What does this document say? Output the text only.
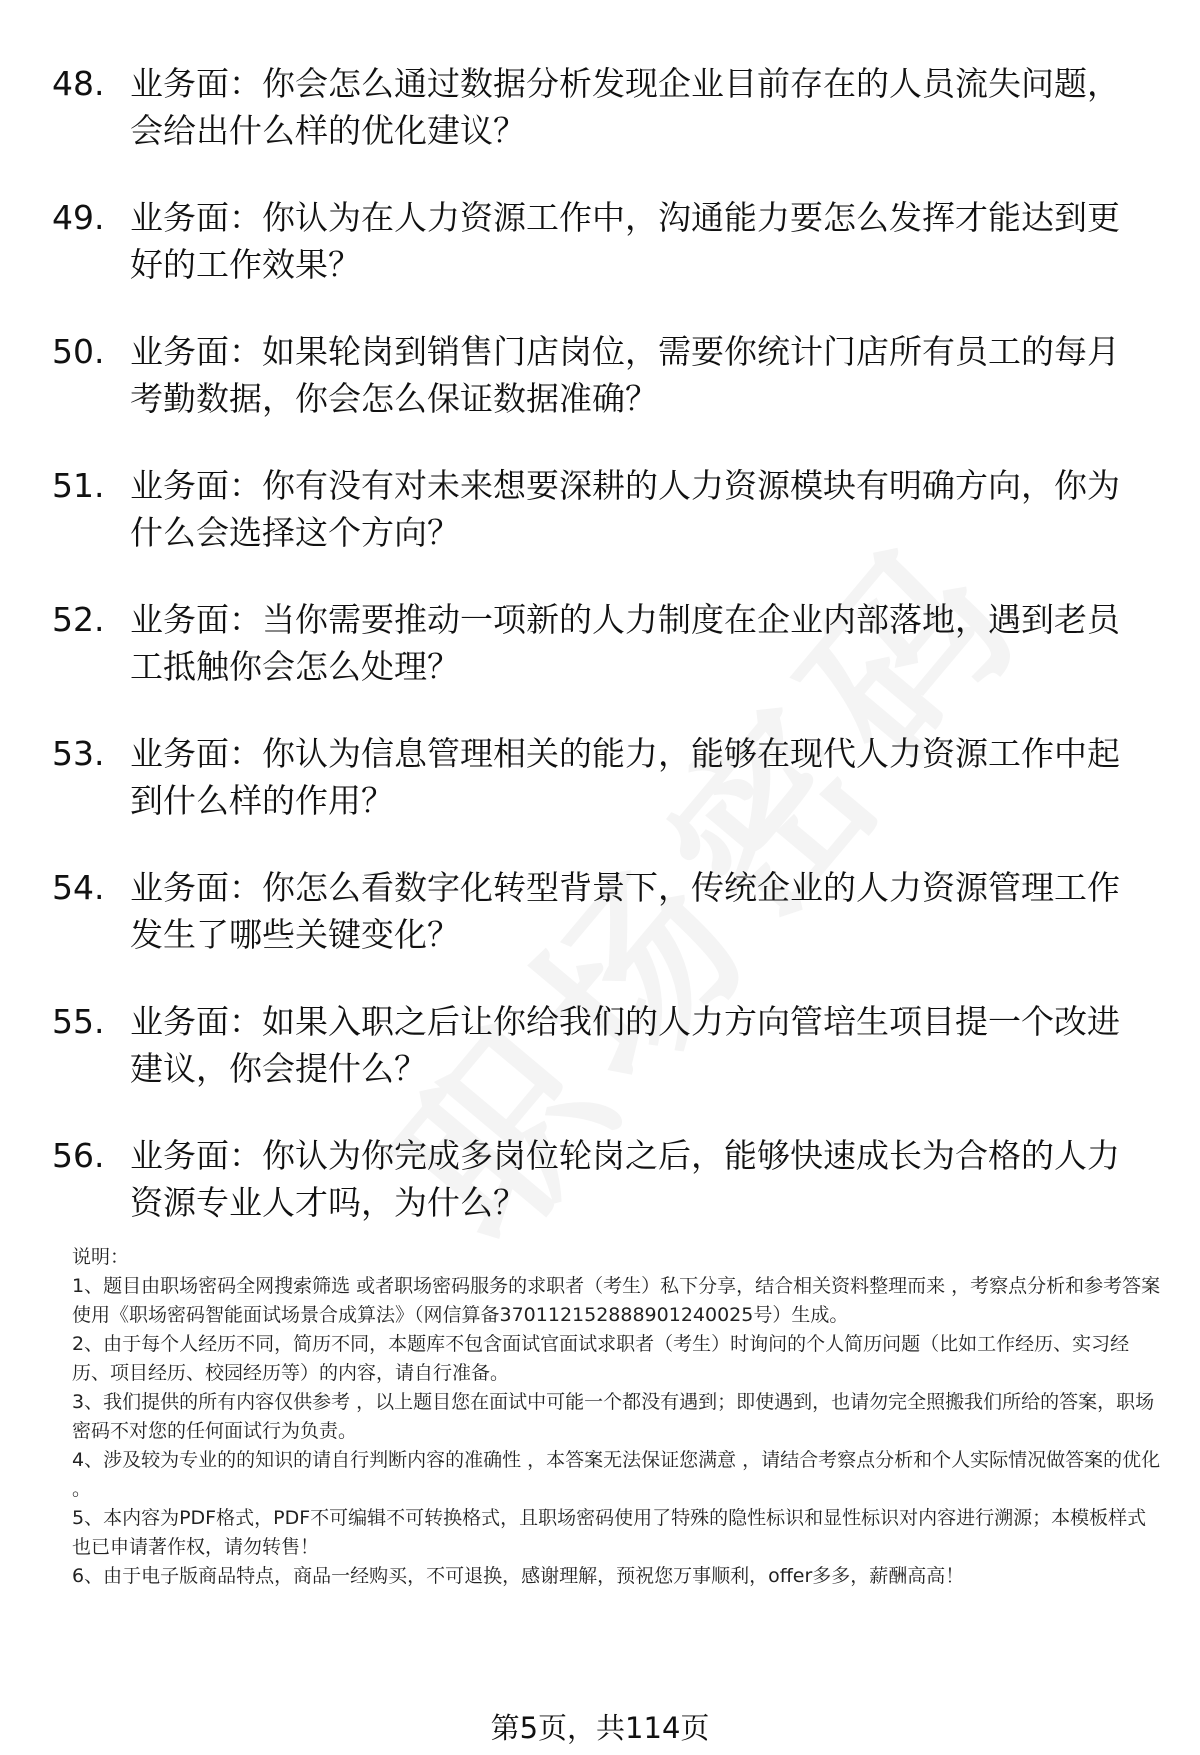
48. 业务面：你会怎么通过数据分析发现企业目前存在的人员流失问题，会给出什么样的优化建议？
49. 业务面：你认为在人力资源工作中，沟通能力要怎么发挥才能达到更好的工作效果？
50. 业务面：如果轮岗到销售门店岗位，需要你统计门店所有员工的每月考勤数据，你会怎么保证数据准确？
51. 业务面：你有没有对未来想要深耕的人力资源模块有明确方向，你为什么会选择这个方向？
52. 业务面：当你需要推动一项新的人力制度在企业内部落地，遇到老员工抵触你会怎么处理？
53. 业务面：你认为信息管理相关的能力，能够在现代人力资源工作中起到什么样的作用？
54. 业务面：你怎么看数字化转型背景下，传统企业的人力资源管理工作发生了哪些关键变化？
55. 业务面：如果入职之后让你给我们的人力方向管培生项目提一个改进建议，你会提什么？
56. 业务面：你认为你完成多岗位轮岗之后，能够快速成长为合格的人力资源专业人才吗，为什么？

说明：

1、题目由职场密码全网搜索筛选 或者职场密码服务的求职者（考生）私下分享，结合相关资料整理而来 ，考察点分析和参考答案使用《职场密码智能面试场景合成算法》（网信算备370112152888901240025号）生成。

2、由于每个人经历不同，简历不同，本题库不包含面试官面试求职者（考生）时询问的个人简历问题（比如工作经历、实习经历、项目经历、校园经历等）的内容，请自行准备。

3、我们提供的所有内容仅供参考 ，以上题目您在面试中可能一个都没有遇到；即使遇到，也请勿完全照搬我们所给的答案，职场密码不对您的任何面试行为负责。

4、涉及较为专业的的知识的请自行判断内容的准确性 ，本答案无法保证您满意 ，请结合考察点分析和个人实际情况做答案的优化 。

5、本内容为PDF格式，PDF不可编辑不可转换格式，且职场密码使用了特殊的隐性标识和显性标识对内容进行溯源；本模板样式也已申请著作权，请勿转售！

6、由于电子版商品特点，商品一经购买，不可退换，感谢理解，预祝您万事顺利，offer多多，薪酬高高！

第5页，共114页
